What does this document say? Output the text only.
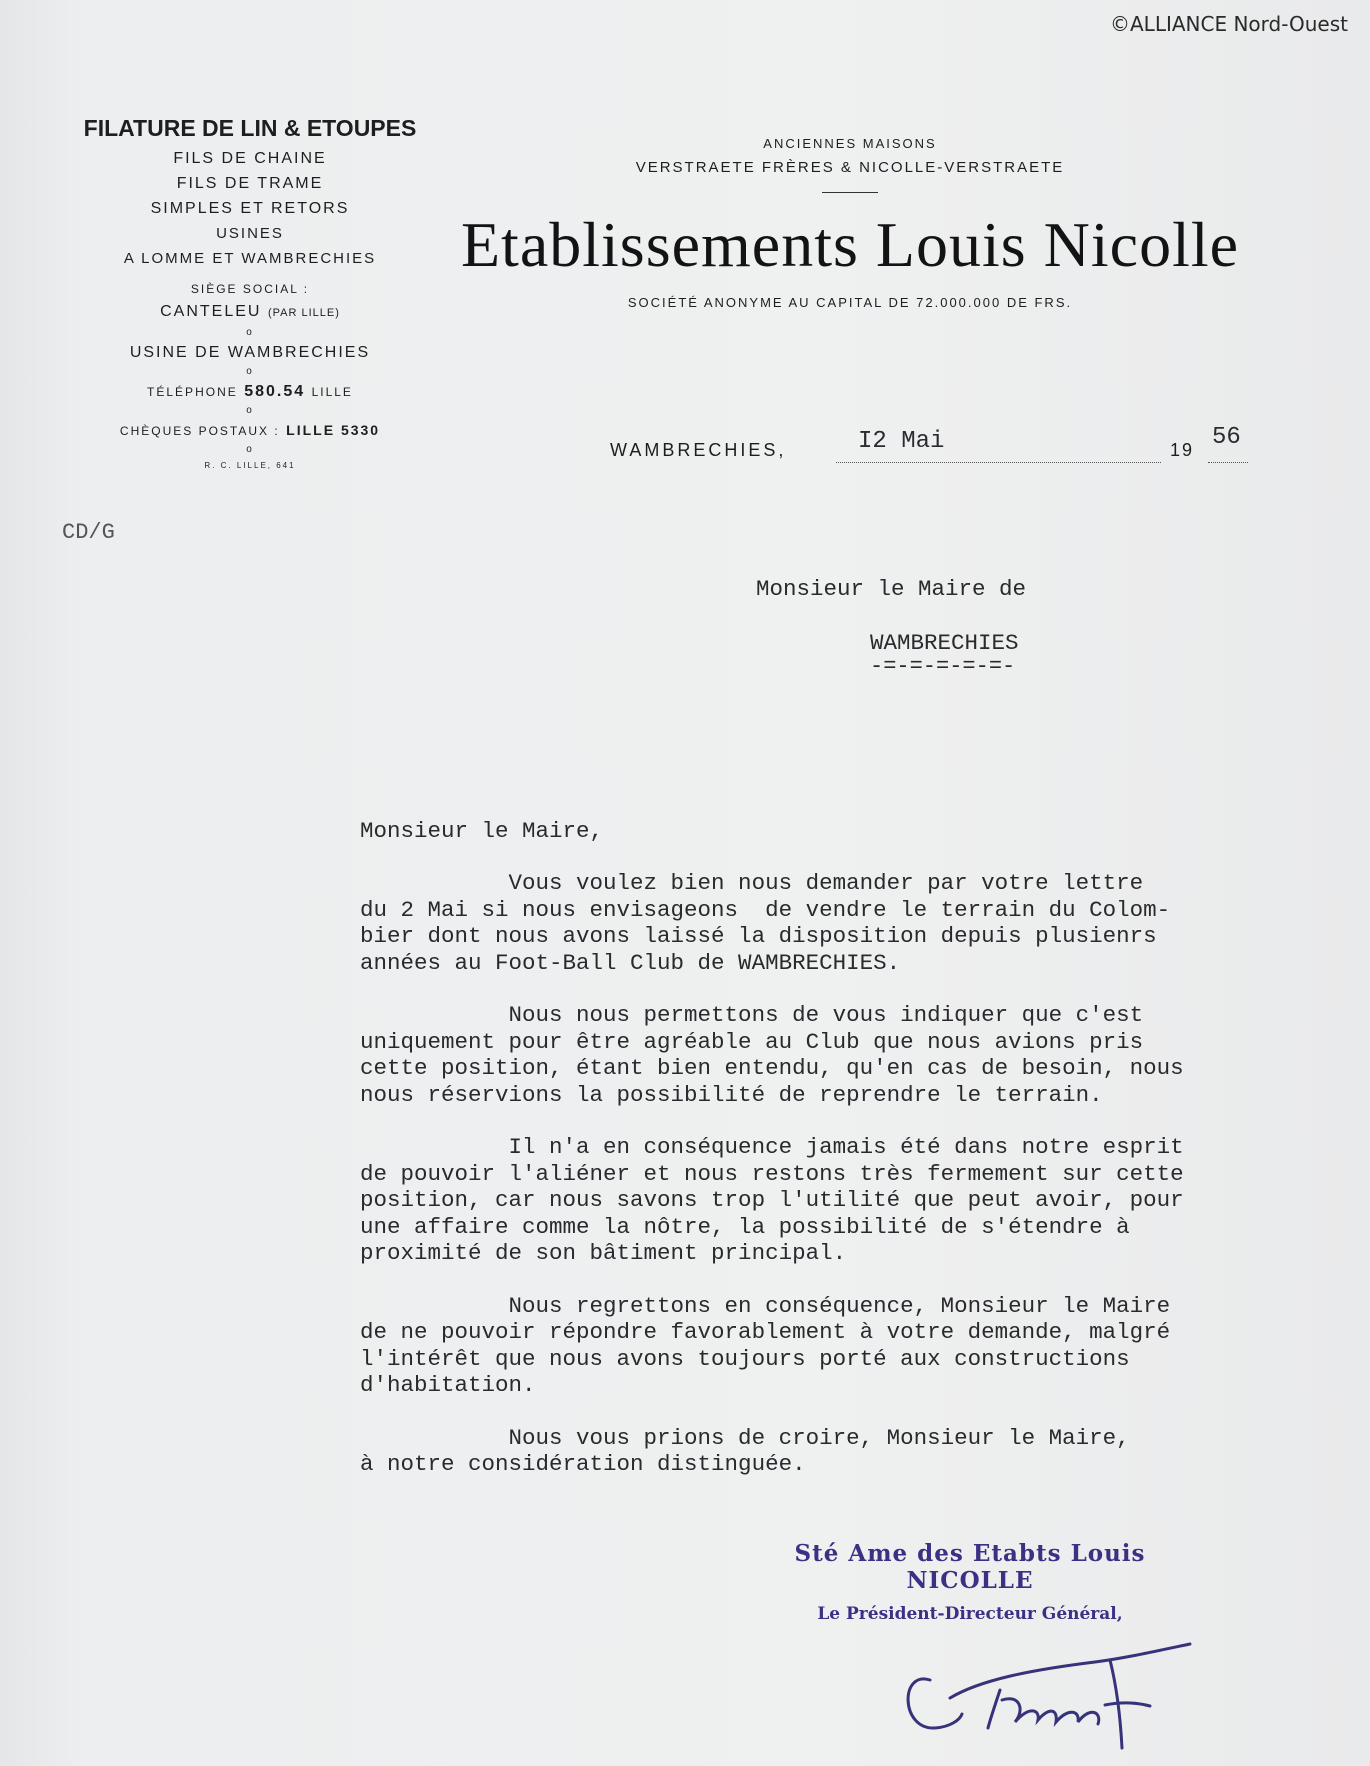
©ALLIANCE Nord-Ouest
FILATURE DE LIN & ETOUPES
FILS DE CHAINE
FILS DE TRAME
SIMPLES ET RETORS
USINES
A LOMME ET WAMBRECHIES
SIÈGE SOCIAL :
CANTELEU (PAR LILLE)
o
USINE DE WAMBRECHIES
o
TÉLÉPHONE 580.54 LILLE
o
CHÈQUES POSTAUX : LILLE 5330
o
R. C. LILLE, 641
ANCIENNES MAISONS
VERSTRAETE FRÈRES & NICOLLE-VERSTRAETE
Etablissements Louis Nicolle
SOCIÉTÉ ANONYME AU CAPITAL DE 72.000.000 DE FRS.
WAMBRECHIES,	I2 Mai	19 56
CD/G
Monsieur le Maire de
WAMBRECHIES
-=-=-=-=-=-
Monsieur le Maire,
Vous voulez bien nous demander par votre lettre
du 2 Mai si nous envisageons  de vendre le terrain du Colom-
bier dont nous avons laissé la disposition depuis plusienrs
années au Foot-Ball Club de WAMBRECHIES.
Nous nous permettons de vous indiquer que c'est
uniquement pour être agréable au Club que nous avions pris
cette position, étant bien entendu, qu'en cas de besoin, nous
nous réservions la possibilité de reprendre le terrain.
Il n'a en conséquence jamais été dans notre esprit
de pouvoir l'aliéner et nous restons très fermement sur cette
position, car nous savons trop l'utilité que peut avoir, pour
une affaire comme la nôtre, la possibilité de s'étendre à
proximité de son bâtiment principal.
Nous regrettons en conséquence, Monsieur le Maire
de ne pouvoir répondre favorablement à votre demande, malgré
l'intérêt que nous avons toujours porté aux constructions
d'habitation.
Nous vous prions de croire, Monsieur le Maire,
à notre considération distinguée.
Sté Ame des Etabts Louis NICOLLE
Le Président-Directeur Général,
